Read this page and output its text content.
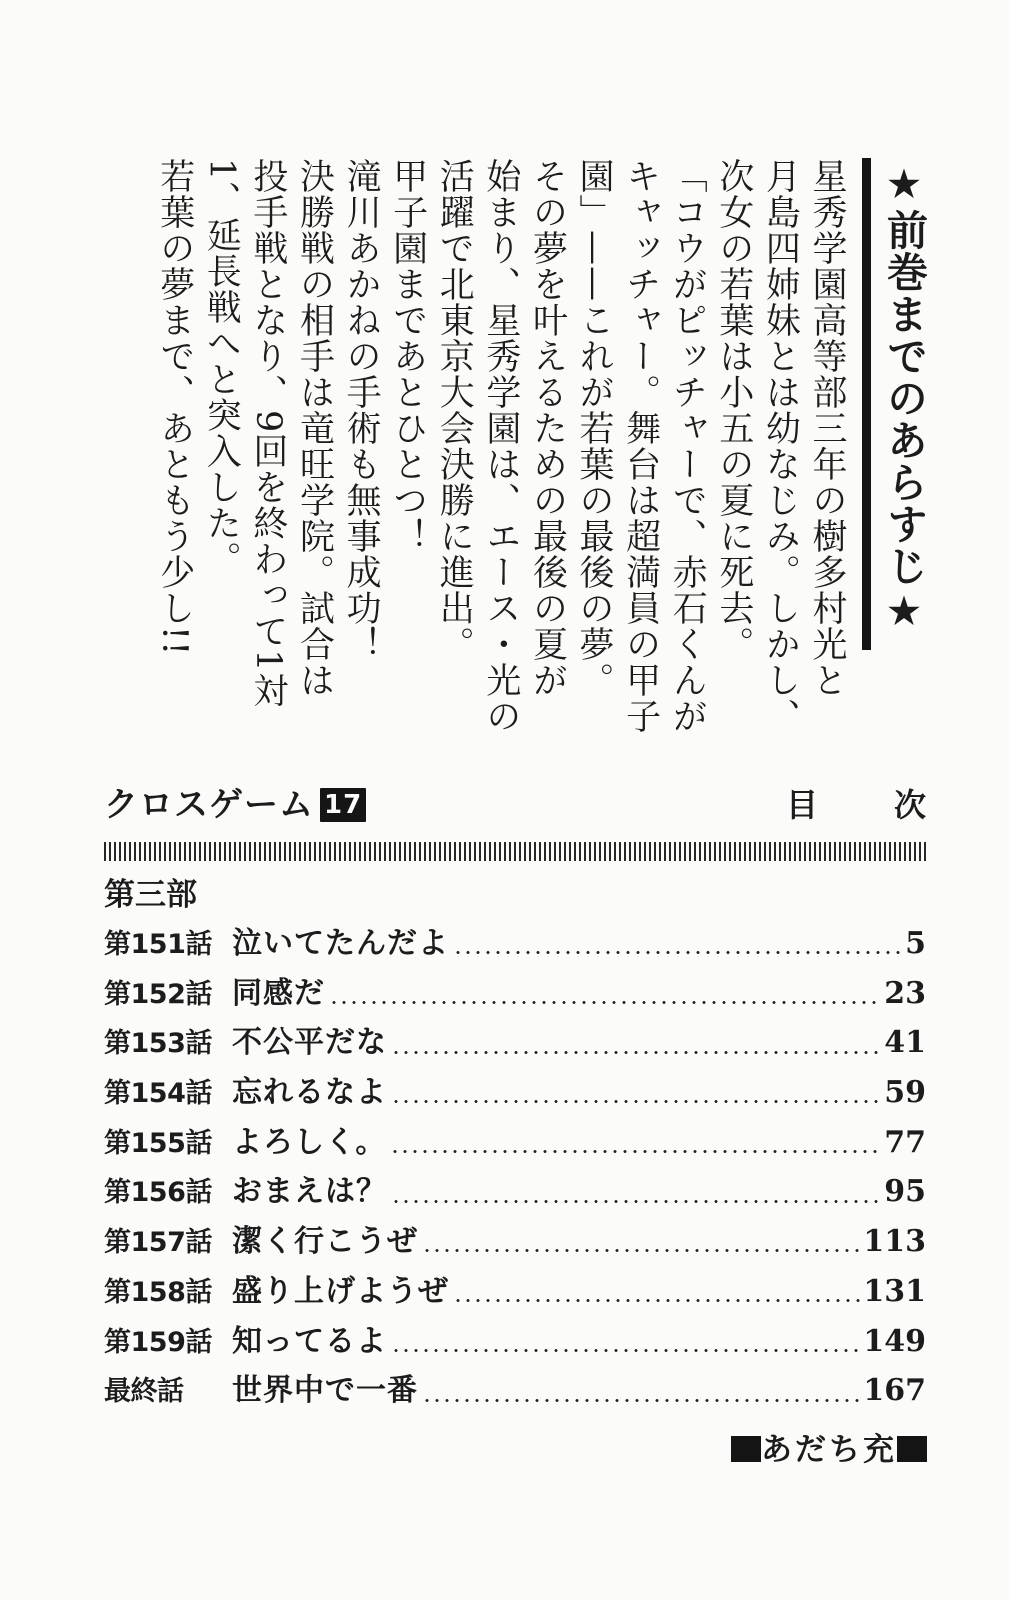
★前巻までのあらすじ★
星秀学園高等部三年の樹多村光と
月島四姉妹とは幼なじみ。しかし、
次女の若葉は小五の夏に死去。
「コウがピッチャーで、赤石くんが
キャッチャー。舞台は超満員の甲子
園」——これが若葉の最後の夢。
その夢を叶えるための最後の夏が
始まり、星秀学園は、エース・光の
活躍で北東京大会決勝に進出。
甲子園まであとひとつ！
滝川あかねの手術も無事成功！
決勝戦の相手は竜旺学院。試合は
投手戦となり、9回を終わって1対
1、延長戦へと突入した。
若葉の夢まで、あともう少し!!
クロスゲーム 17	目次
第三部
第151話 泣いてたんだよ	5
第152話 同感だ	23
第153話 不公平だな	41
第154話 忘れるなよ	59
第155話 よろしく。	77
第156話 おまえは？	95
第157話 潔く行こうぜ	113
第158話 盛り上げようぜ	131
第159話 知ってるよ	149
最終話	世界中で一番	167
あだち充
